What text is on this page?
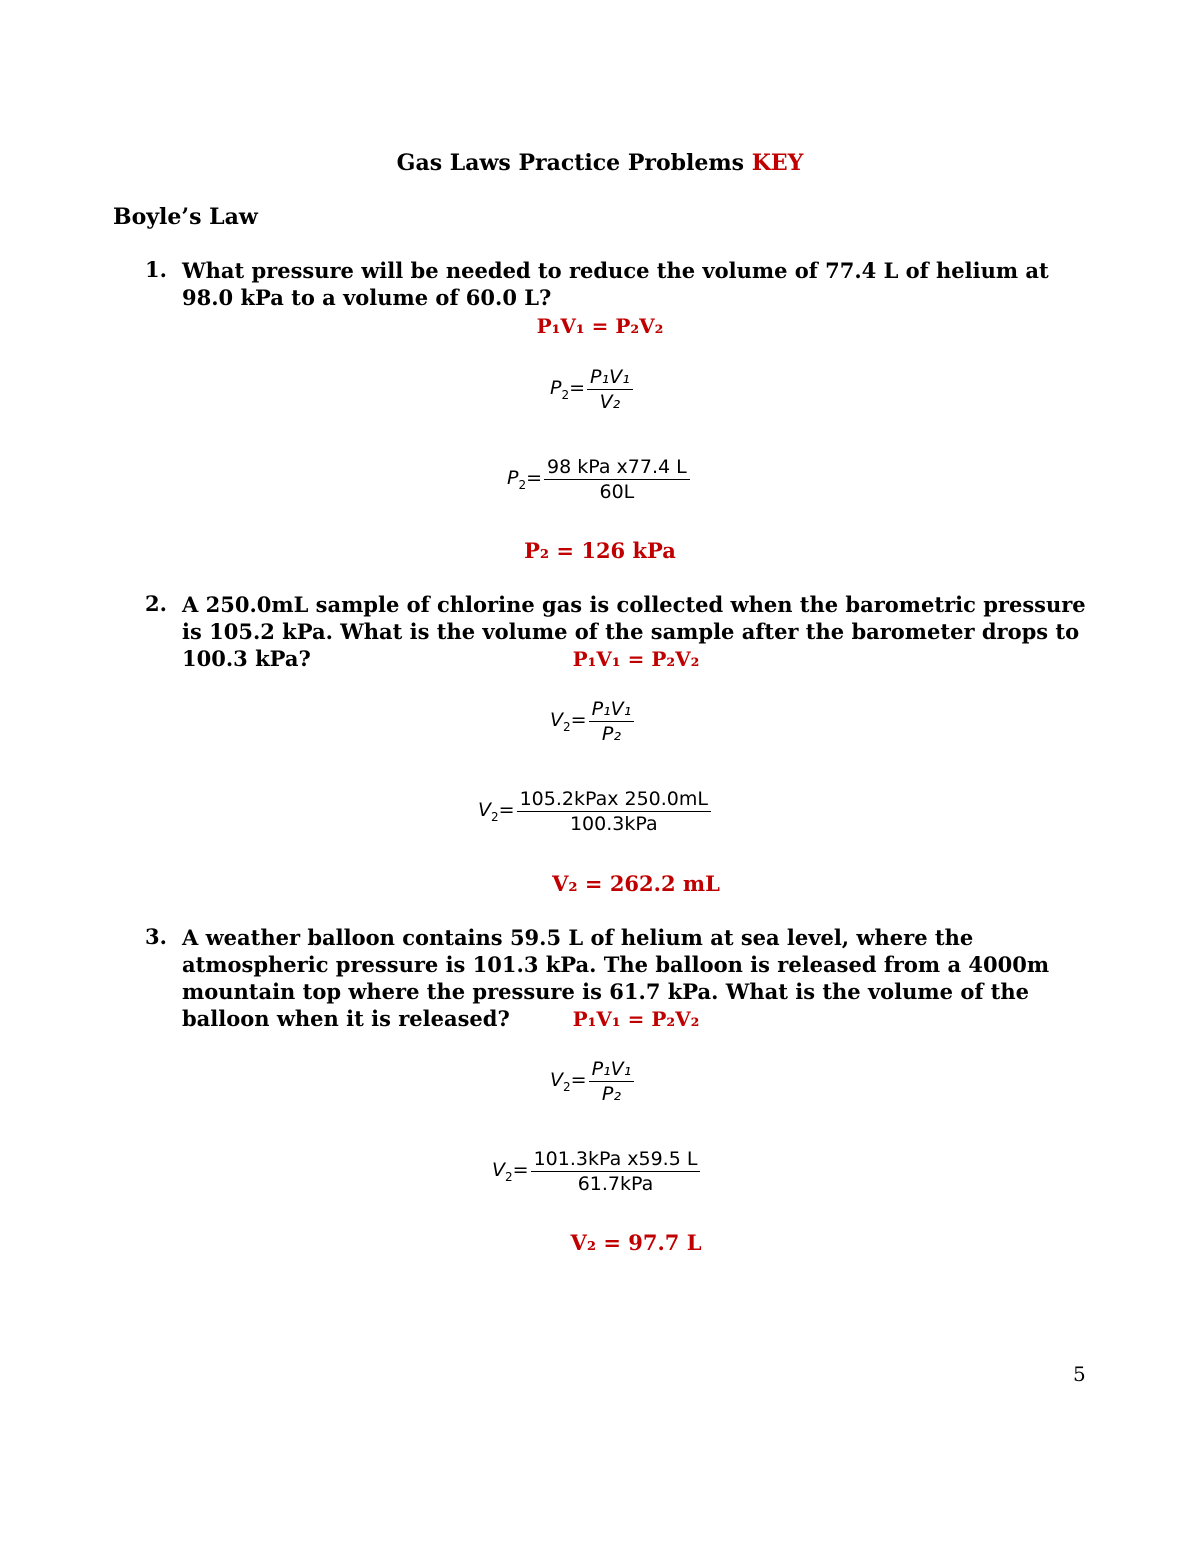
Gas Laws Practice Problems KEY
Boyle’s Law
1. What pressure will be needed to reduce the volume of 77.4 L of helium at 98.0 kPa to a volume of 60.0 L?
P₁V₁ = P₂V₂
$P_2= \frac{\text{P₁V₁}}{\text{V₂}}$
$P_2= \frac{\text{98 kPa x77.4 L}}{60L}$
P₂ = 126 kPa
2. A 250.0mL sample of chlorine gas is collected when the barometric pressure is 105.2 kPa. What is the volume of the sample after the barometer drops to 100.3 kPa?	P₁V₁ = P₂V₂
$V_2= \frac{\text{P₁V₁}}{\text{P₂}}$
$V_2= \frac{\text{105.2kPax 250.0mL}}{\text{100.3kPa}}$
V₂ = 262.2 mL
3. A weather balloon contains 59.5 L of helium at sea level, where the atmospheric pressure is 101.3 kPa. The balloon is released from a 4000m mountain top where the pressure is 61.7 kPa. What is the volume of the balloon when it is released?	P₁V₁ = P₂V₂
$V_2= \frac{\text{P₁V₁}}{\text{P₂}}$
$V_2= \frac{\text{101.3kPa x59.5 L}}{\text{61.7kPa}}$
V₂ = 97.7 L
5
